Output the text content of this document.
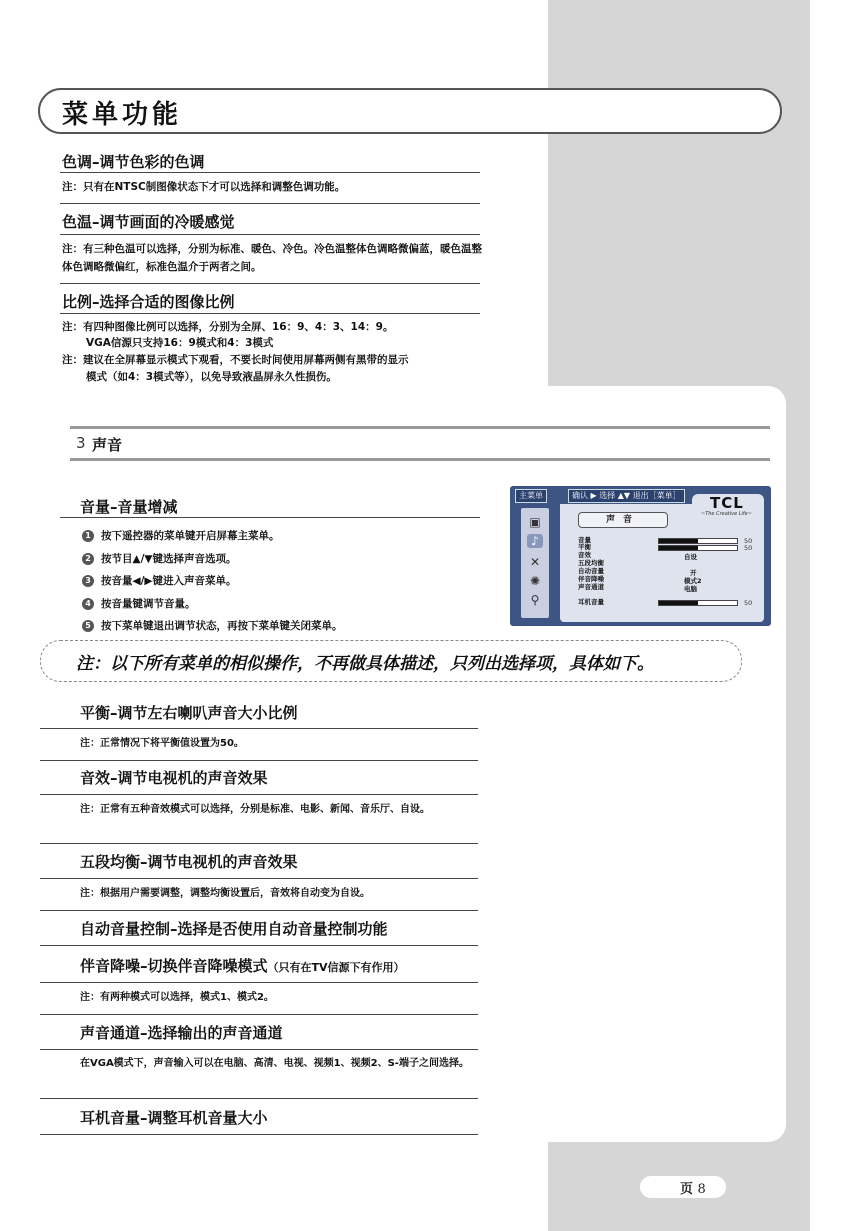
菜单功能
色调–调节色彩的色调
注：只有在NTSC制图像状态下才可以选择和调整色调功能。
色温–调节画面的冷暖感觉
注：有三种色温可以选择，分别为标准、暖色、冷色。冷色温整体色调略微偏蓝，暖色温整体色调略微偏红，标准色温介于两者之间。
比例–选择合适的图像比例
注：有四种图像比例可以选择，分别为全屏、16：9、4：3、14：9。
VGA信源只支持16：9模式和4：3模式
注：建议在全屏幕显示模式下观看，不要长时间使用屏幕两侧有黑带的显示
模式（如4：3模式等），以免导致液晶屏永久性损伤。
3 声音
音量–音量增减
1 按下遥控器的菜单键开启屏幕主菜单。
2 按节目▲/▼键选择声音选项。
3 按音量◀/▶键进入声音菜单。
4 按音量键调节音量。
5 按下菜单键退出调节状态，再按下菜单键关闭菜单。
主菜单	确认 ▶ 选择 ▲▼ 退出［菜单］ TCL
~The Creative Life~
▣
♪
✕
✺
⚲
声音
音量	50
平衡	50
音效	自设
五段均衡
自动音量	开
伴音降噪	模式2
声音通道	电脑
耳机音量	50
注：以下所有菜单的相似操作，不再做具体描述，只列出选择项，具体如下。
平衡–调节左右喇叭声音大小比例
注：正常情况下将平衡值设置为50。
音效–调节电视机的声音效果
注：正常有五种音效模式可以选择，分别是标准、电影、新闻、音乐厅、自设。
五段均衡–调节电视机的声音效果
注：根据用户需要调整，调整均衡设置后，音效将自动变为自设。
自动音量控制–选择是否使用自动音量控制功能
伴音降噪–切换伴音降噪模式（只有在TV信源下有作用）
注：有两种模式可以选择，模式1、模式2。
声音通道–选择输出的声音通道
在VGA模式下，声音输入可以在电脑、高清、电视、视频1、视频2、S-端子之间选择。
耳机音量–调整耳机音量大小
页 8
